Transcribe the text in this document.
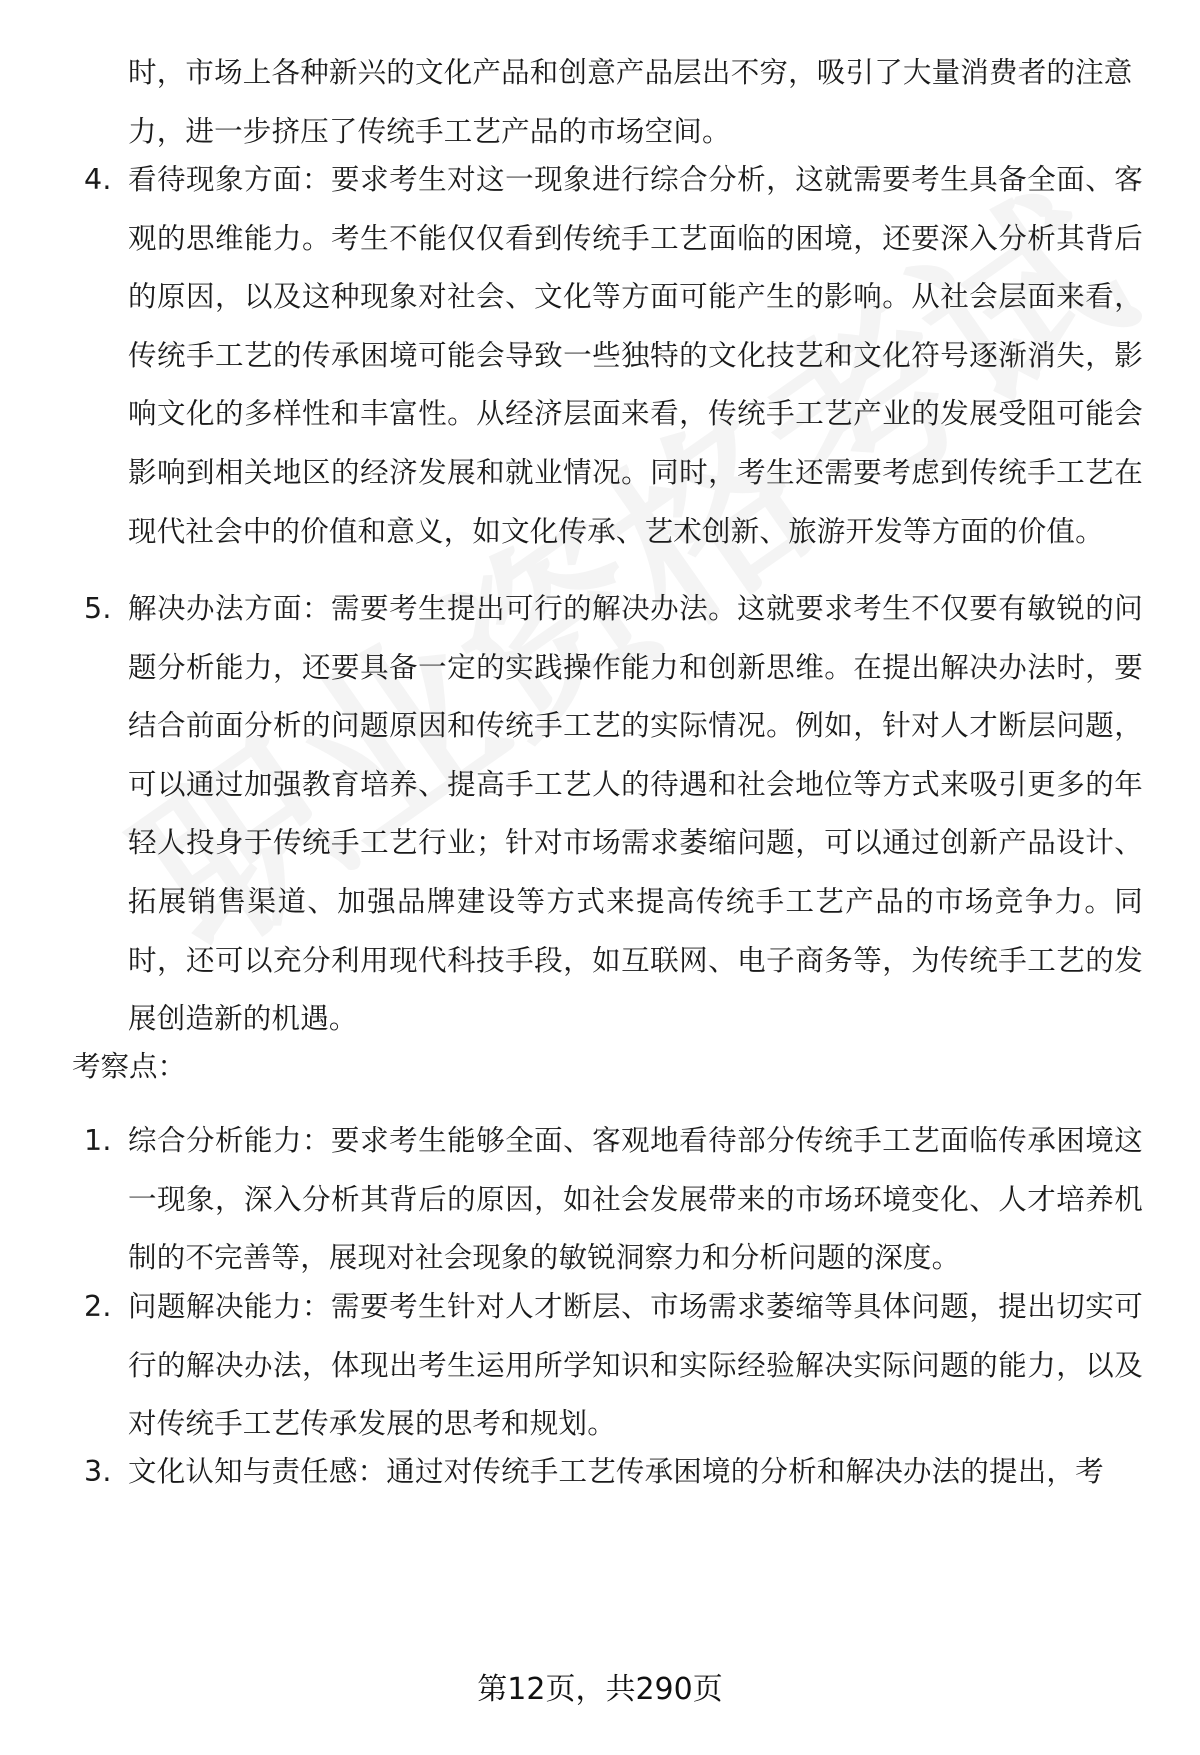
时，市场上各种新兴的文化产品和创意产品层出不穷，吸引了大量消费者的注意力，进一步挤压了传统手工艺产品的市场空间。
4. 看待现象方面：要求考生对这一现象进行综合分析，这就需要考生具备全面、客观的思维能力。考生不能仅仅看到传统手工艺面临的困境，还要深入分析其背后的原因，以及这种现象对社会、文化等方面可能产生的影响。从社会层面来看，传统手工艺的传承困境可能会导致一些独特的文化技艺和文化符号逐渐消失，影响文化的多样性和丰富性。从经济层面来看，传统手工艺产业的发展受阻可能会影响到相关地区的经济发展和就业情况。同时，考生还需要考虑到传统手工艺在现代社会中的价值和意义，如文化传承、艺术创新、旅游开发等方面的价值。
5. 解决办法方面：需要考生提出可行的解决办法。这就要求考生不仅要有敏锐的问题分析能力，还要具备一定的实践操作能力和创新思维。在提出解决办法时，要结合前面分析的问题原因和传统手工艺的实际情况。例如，针对人才断层问题，可以通过加强教育培养、提高手工艺人的待遇和社会地位等方式来吸引更多的年轻人投身于传统手工艺行业；针对市场需求萎缩问题，可以通过创新产品设计、拓展销售渠道、加强品牌建设等方式来提高传统手工艺产品的市场竞争力。同时，还可以充分利用现代科技手段，如互联网、电子商务等，为传统手工艺的发展创造新的机遇。
考察点：
1. 综合分析能力：要求考生能够全面、客观地看待部分传统手工艺面临传承困境这一现象，深入分析其背后的原因，如社会发展带来的市场环境变化、人才培养机制的不完善等，展现对社会现象的敏锐洞察力和分析问题的深度。
2. 问题解决能力：需要考生针对人才断层、市场需求萎缩等具体问题，提出切实可行的解决办法，体现出考生运用所学知识和实际经验解决实际问题的能力，以及对传统手工艺传承发展的思考和规划。
3. 文化认知与责任感：通过对传统手工艺传承困境的分析和解决办法的提出，考
第12页，共290页
